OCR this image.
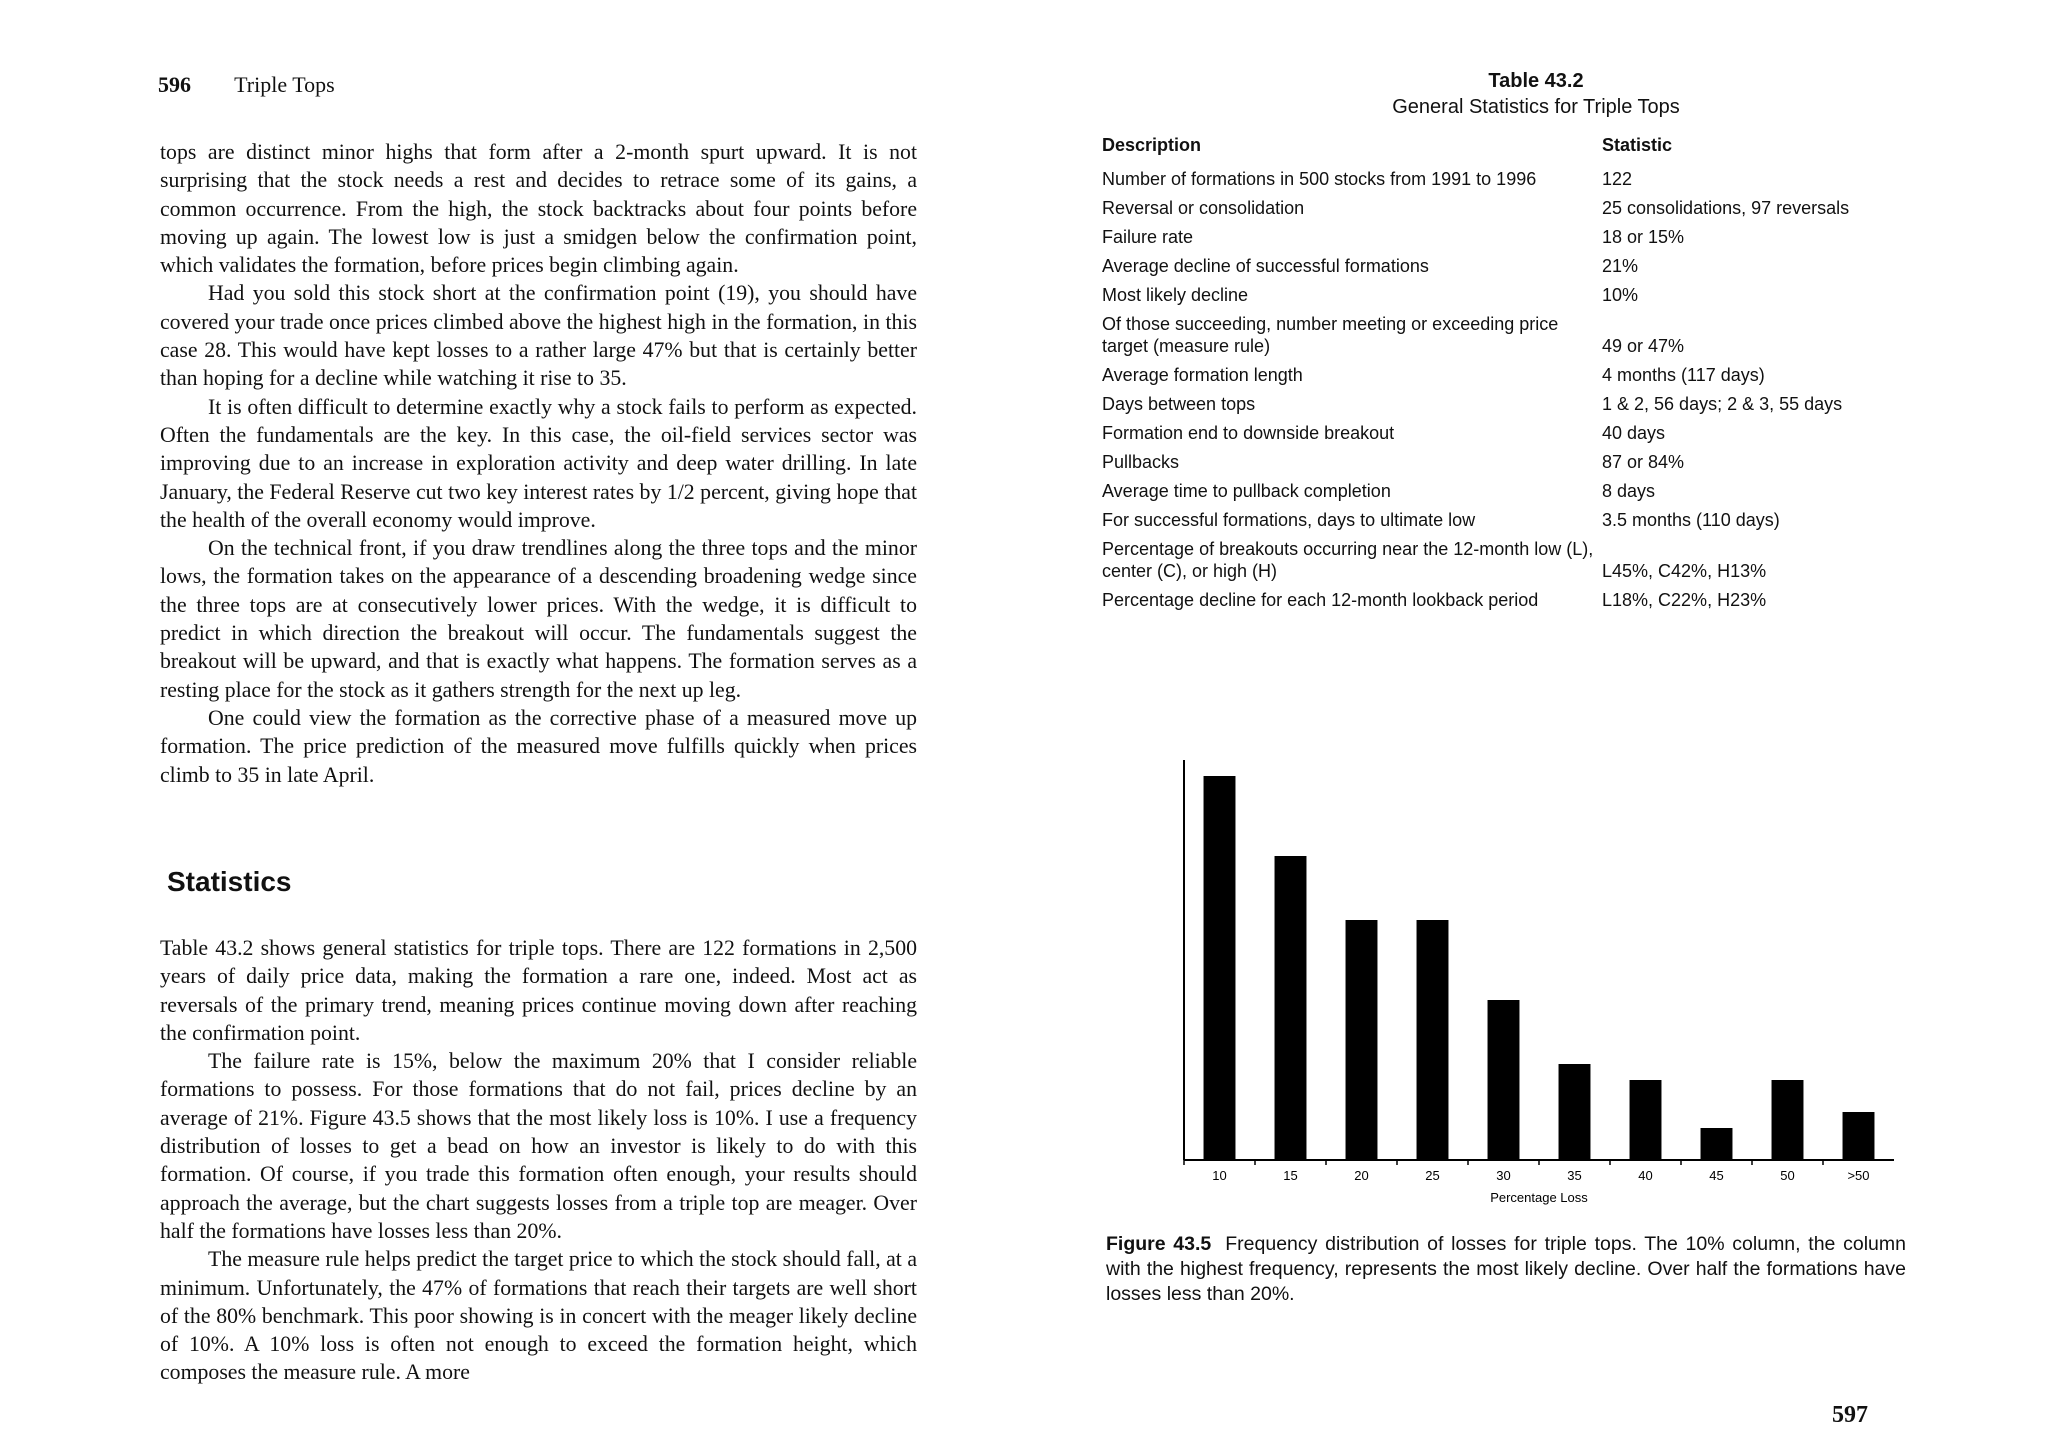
596 Triple Tops

tops are distinct minor highs that form after a 2-month spurt upward. It is not surprising that the stock needs a rest and decides to retrace some of its gains, a common occurrence. From the high, the stock backtracks about four points before moving up again. The lowest low is just a smidgen below the confirmation point, which validates the formation, before prices begin climbing again.

Had you sold this stock short at the confirmation point (19), you should have covered your trade once prices climbed above the highest high in the formation, in this case 28. This would have kept losses to a rather large 47% but that is certainly better than hoping for a decline while watching it rise to 35.

It is often difficult to determine exactly why a stock fails to perform as expected. Often the fundamentals are the key. In this case, the oil-field services sector was improving due to an increase in exploration activity and deep water drilling. In late January, the Federal Reserve cut two key interest rates by 1/2 percent, giving hope that the health of the overall economy would improve.

On the technical front, if you draw trendlines along the three tops and the minor lows, the formation takes on the appearance of a descending broadening wedge since the three tops are at consecutively lower prices. With the wedge, it is difficult to predict in which direction the breakout will occur. The fundamentals suggest the breakout will be upward, and that is exactly what happens. The formation serves as a resting place for the stock as it gathers strength for the next up leg.

One could view the formation as the corrective phase of a measured move up formation. The price prediction of the measured move fulfills quickly when prices climb to 35 in late April.

Statistics

Table 43.2 shows general statistics for triple tops. There are 122 formations in 2,500 years of daily price data, making the formation a rare one, indeed. Most act as reversals of the primary trend, meaning prices continue moving down after reaching the confirmation point.

The failure rate is 15%, below the maximum 20% that I consider reliable formations to possess. For those formations that do not fail, prices decline by an average of 21%. Figure 43.5 shows that the most likely loss is 10%. I use a frequency distribution of losses to get a bead on how an investor is likely to do with this formation. Of course, if you trade this formation often enough, your results should approach the average, but the chart suggests losses from a triple top are meager. Over half the formations have losses less than 20%.

The measure rule helps predict the target price to which the stock should fall, at a minimum. Unfortunately, the 47% of formations that reach their targets are well short of the 80% benchmark. This poor showing is in concert with the meager likely decline of 10%. A 10% loss is often not enough to exceed the formation height, which composes the measure rule. A more

Table 43.2
General Statistics for Triple Tops
Description	Statistic
Number of formations in 500 stocks from 1991 to 1996	122
Reversal or consolidation	25 consolidations, 97 reversals
Failure rate	18 or 15%
Average decline of successful formations	21%
Most likely decline	10%
Of those succeeding, number meeting or exceeding price target (measure rule)	49 or 47%
Average formation length	4 months (117 days)
Days between tops	1 & 2, 56 days; 2 & 3, 55 days
Formation end to downside breakout	40 days
Pullbacks	87 or 84%
Average time to pullback completion	8 days
For successful formations, days to ultimate low	3.5 months (110 days)
Percentage of breakouts occurring near the 12-month low (L), center (C), or high (H)	L45%, C42%, H13%
Percentage decline for each 12-month lookback period	L18%, C22%, H23%
10	15	20	25	30	35	40	45	50	>50
Percentage Loss
Figure 43.5 Frequency distribution of losses for triple tops. The 10% column, the column with the highest frequency, represents the most likely decline. Over half the formations have losses less than 20%.
597
